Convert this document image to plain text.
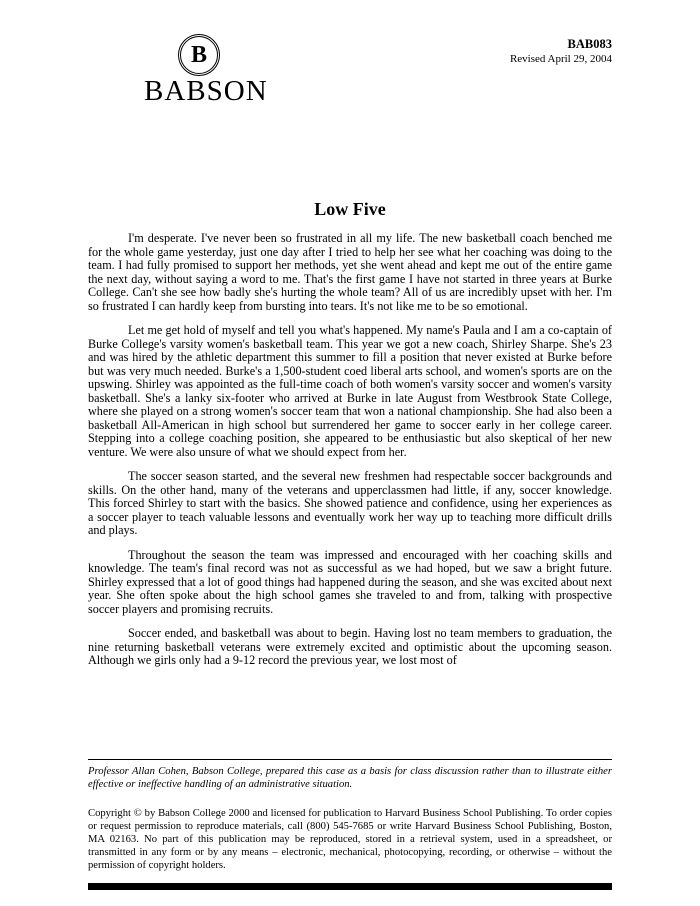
B
BABSON
BAB083
Revised April 29, 2004
Low Five

I'm desperate. I've never been so frustrated in all my life. The new basketball coach benched me for the whole game yesterday, just one day after I tried to help her see what her coaching was doing to the team. I had fully promised to support her methods, yet she went ahead and kept me out of the entire game the next day, without saying a word to me. That's the first game I have not started in three years at Burke College. Can't she see how badly she's hurting the whole team? All of us are incredibly upset with her. I'm so frustrated I can hardly keep from bursting into tears. It's not like me to be so emotional.

Let me get hold of myself and tell you what's happened. My name's Paula and I am a co-captain of Burke College's varsity women's basketball team. This year we got a new coach, Shirley Sharpe. She's 23 and was hired by the athletic department this summer to fill a position that never existed at Burke before but was very much needed. Burke's a 1,500-student coed liberal arts school, and women's sports are on the upswing. Shirley was appointed as the full-time coach of both women's varsity soccer and women's varsity basketball. She's a lanky six-footer who arrived at Burke in late August from Westbrook State College, where she played on a strong women's soccer team that won a national championship. She had also been a basketball All-American in high school but surrendered her game to soccer early in her college career. Stepping into a college coaching position, she appeared to be enthusiastic but also skeptical of her new venture. We were also unsure of what we should expect from her.

The soccer season started, and the several new freshmen had respectable soccer backgrounds and skills. On the other hand, many of the veterans and upperclassmen had little, if any, soccer knowledge. This forced Shirley to start with the basics. She showed patience and confidence, using her experiences as a soccer player to teach valuable lessons and eventually work her way up to teaching more difficult drills and plays.

Throughout the season the team was impressed and encouraged with her coaching skills and knowledge. The team's final record was not as successful as we had hoped, but we saw a bright future. Shirley expressed that a lot of good things had happened during the season, and she was excited about next year. She often spoke about the high school games she traveled to and from, talking with prospective soccer players and promising recruits.

Soccer ended, and basketball was about to begin. Having lost no team members to graduation, the nine returning basketball veterans were extremely excited and optimistic about the upcoming season. Although we girls only had a 9-12 record the previous year, we lost most of

Professor Allan Cohen, Babson College, prepared this case as a basis for class discussion rather than to illustrate either effective or ineffective handling of an administrative situation.
Copyright © by Babson College 2000 and licensed for publication to Harvard Business School Publishing. To order copies or request permission to reproduce materials, call (800) 545-7685 or write Harvard Business School Publishing, Boston, MA 02163. No part of this publication may be reproduced, stored in a retrieval system, used in a spreadsheet, or transmitted in any form or by any means – electronic, mechanical, photocopying, recording, or otherwise – without the permission of copyright holders.
